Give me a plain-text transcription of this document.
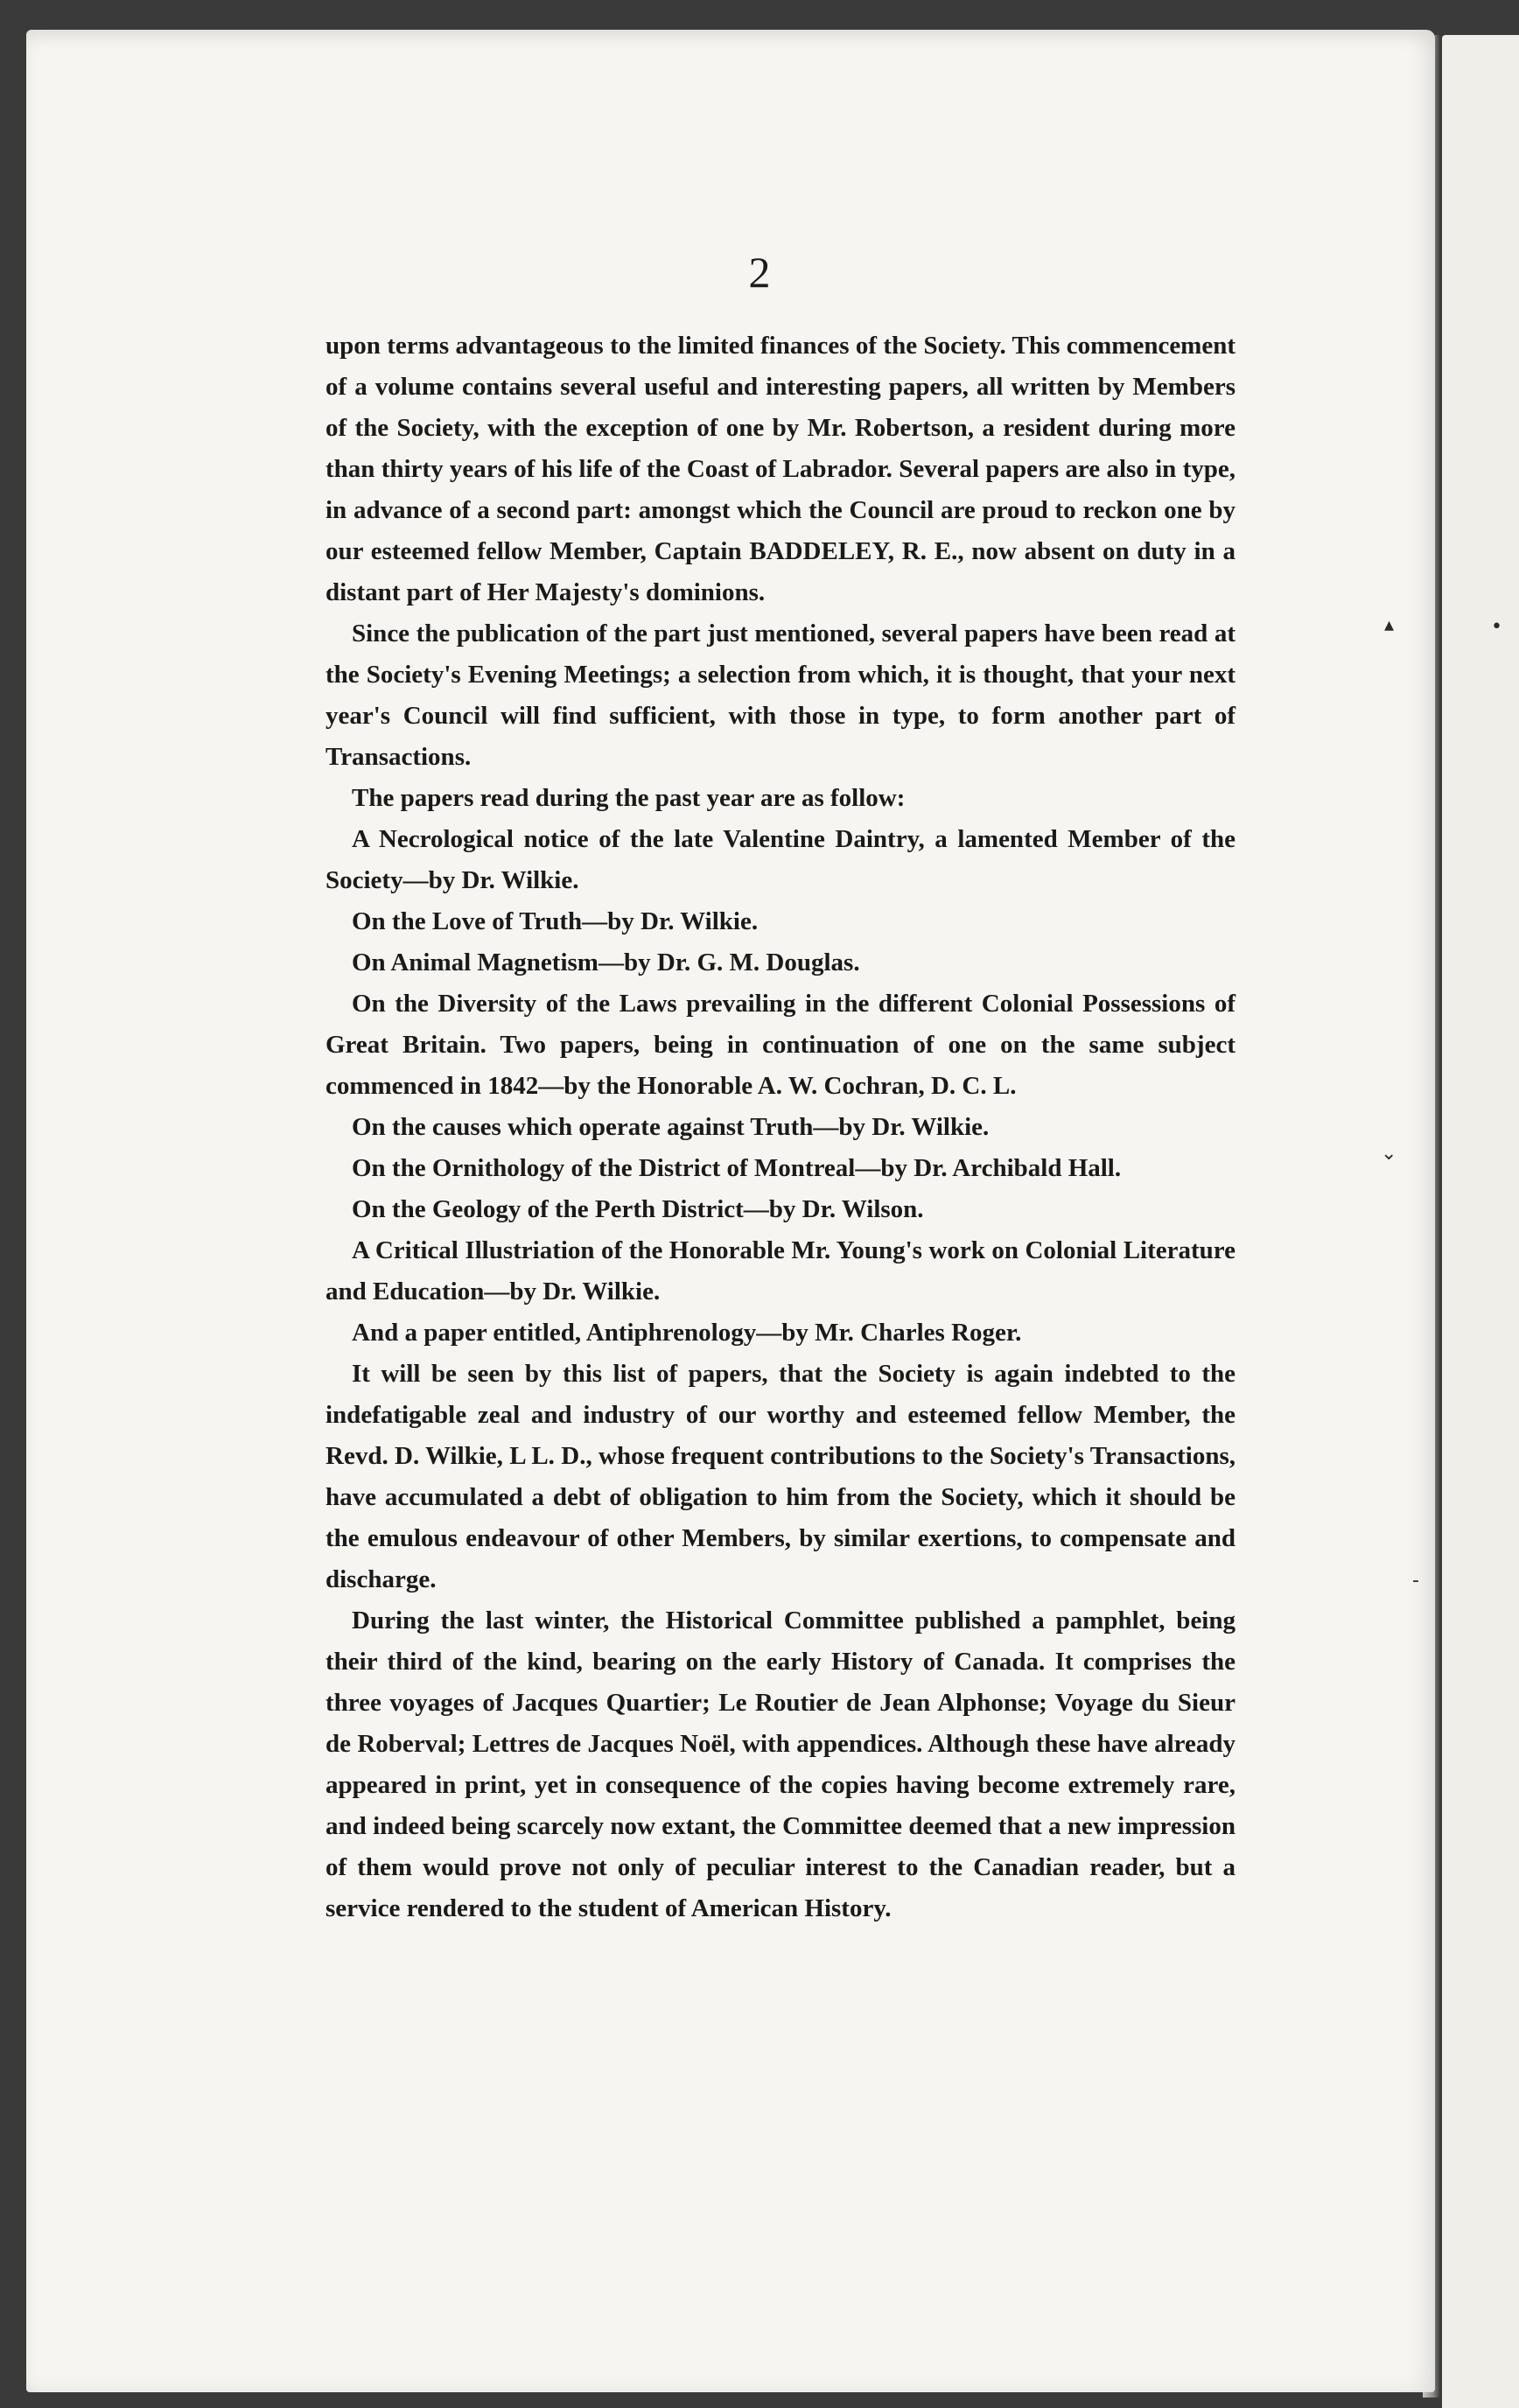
2

upon terms advantageous to the limited finances of the Society. This commencement of a volume contains several useful and interesting papers, all written by Members of the Society, with the exception of one by Mr. Robertson, a resident during more than thirty years of his life of the Coast of Labrador. Several papers are also in type, in advance of a second part: amongst which the Council are proud to reckon one by our esteemed fellow Member, Captain BADDELEY, R. E., now absent on duty in a distant part of Her Majesty's dominions.

Since the publication of the part just mentioned, several papers have been read at the Society's Evening Meetings; a selection from which, it is thought, that your next year's Council will find sufficient, with those in type, to form another part of Transactions.

The papers read during the past year are as follow:

A Necrological notice of the late Valentine Daintry, a lamented Member of the Society—by Dr. Wilkie.

On the Love of Truth—by Dr. Wilkie.

On Animal Magnetism—by Dr. G. M. Douglas.

On the Diversity of the Laws prevailing in the different Colonial Possessions of Great Britain. Two papers, being in continuation of one on the same subject commenced in 1842—by the Honorable A. W. Cochran, D. C. L.

On the causes which operate against Truth—by Dr. Wilkie.

On the Ornithology of the District of Montreal—by Dr. Archibald Hall.

On the Geology of the Perth District—by Dr. Wilson.

A Critical Illustriation of the Honorable Mr. Young's work on Colonial Literature and Education—by Dr. Wilkie.

And a paper entitled, Antiphrenology—by Mr. Charles Roger.

It will be seen by this list of papers, that the Society is again indebted to the indefatigable zeal and industry of our worthy and esteemed fellow Member, the Revd. D. Wilkie, L L. D., whose frequent contributions to the Society's Transactions, have accumulated a debt of obligation to him from the Society, which it should be the emulous endeavour of other Members, by similar exertions, to compensate and discharge.

During the last winter, the Historical Committee published a pamphlet, being their third of the kind, bearing on the early History of Canada. It comprises the three voyages of Jacques Quartier; Le Routier de Jean Alphonse; Voyage du Sieur de Roberval; Lettres de Jacques Noël, with appendices. Although these have already appeared in print, yet in consequence of the copies having become extremely rare, and indeed being scarcely now extant, the Committee deemed that a new impression of them would prove not only of peculiar interest to the Canadian reader, but a service rendered to the student of American History.

▴	•
⌄
-
